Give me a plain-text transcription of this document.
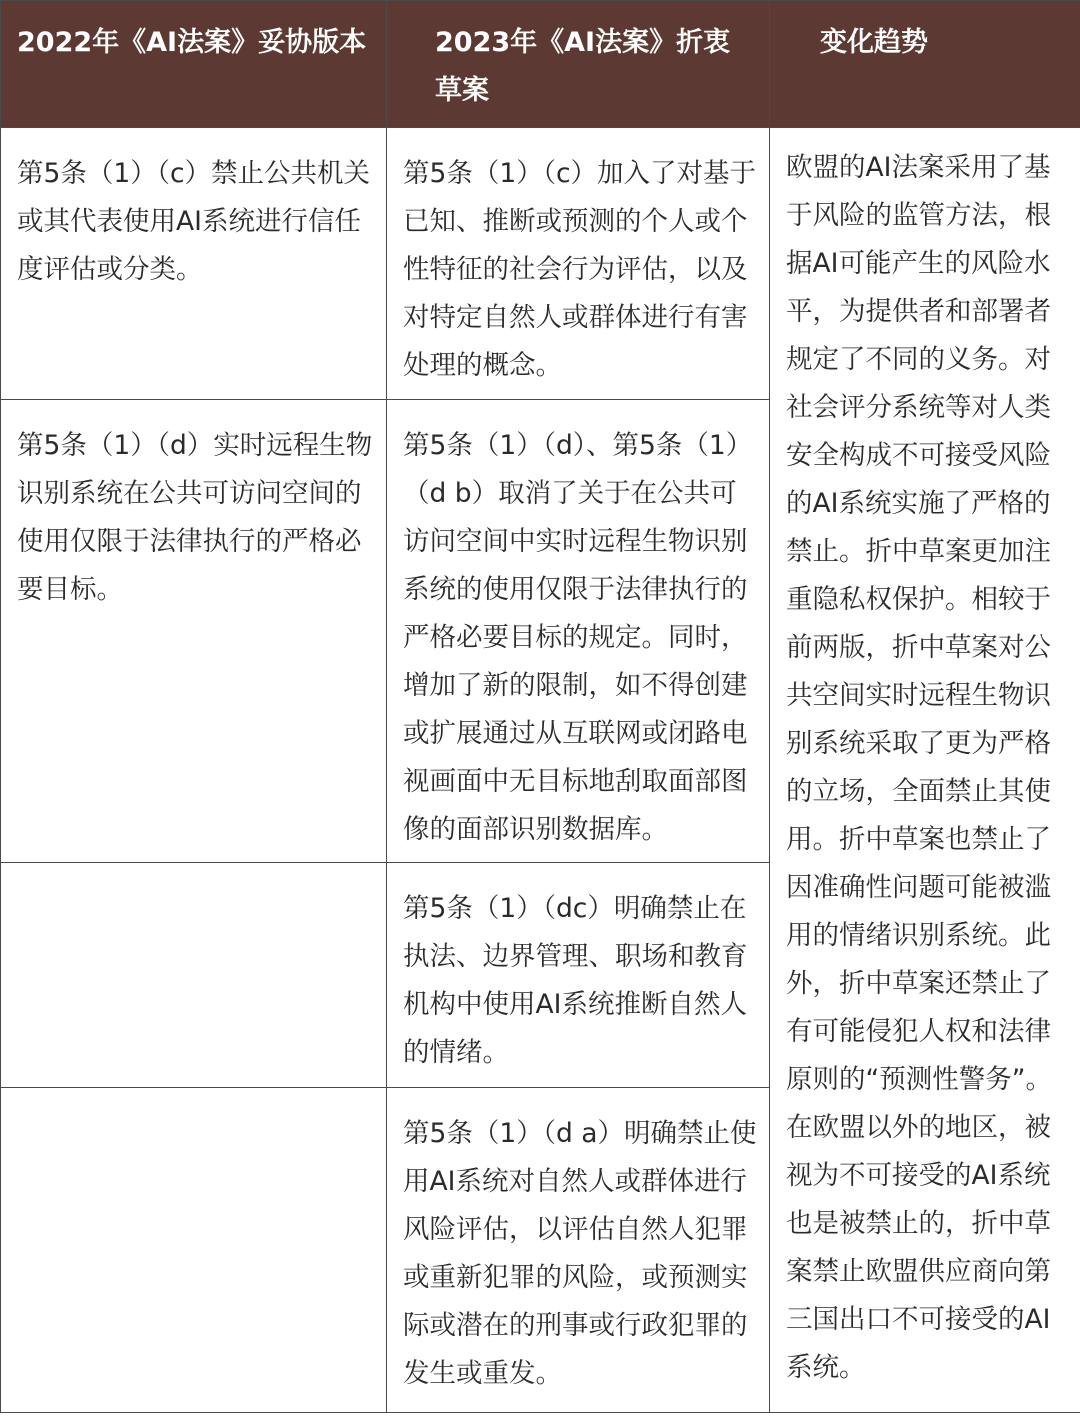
2022年《AI法案》妥协版本	2023年《AI法案》折衷草案	变化趋势
第5条（1）（c）禁止公共机关或其代表使用AI系统进行信任度评估或分类。	第5条（1）（c）加入了对基于已知、推断或预测的个人或个性特征的社会行为评估，以及对特定自然人或群体进行有害处理的概念。	欧盟的AI法案采用了基于风险的监管方法，根据AI可能产生的风险水平，为提供者和部署者规定了不同的义务。对社会评分系统等对人类安全构成不可接受风险的AI系统实施了严格的禁止。折中草案更加注重隐私权保护。相较于前两版，折中草案对公共空间实时远程生物识别系统采取了更为严格的立场，全面禁止其使用。折中草案也禁止了因准确性问题可能被滥用的情绪识别系统。此外，折中草案还禁止了有可能侵犯人权和法律原则的“预测性警务”。在欧盟以外的地区，被视为不可接受的AI系统也是被禁止的，折中草案禁止欧盟供应商向第三国出口不可接受的AI系统。
第5条（1）（d）实时远程生物识别系统在公共可访问空间的使用仅限于法律执行的严格必要目标。	第5条（1）（d）、第5条（1）（d b）取消了关于在公共可访问空间中实时远程生物识别系统的使用仅限于法律执行的严格必要目标的规定。同时，增加了新的限制，如不得创建或扩展通过从互联网或闭路电视画面中无目标地刮取面部图像的面部识别数据库。	
	第5条（1）（dc）明确禁止在执法、边界管理、职场和教育机构中使用AI系统推断自然人的情绪。	
	第5条（1）（d a）明确禁止使用AI系统对自然人或群体进行风险评估，以评估自然人犯罪或重新犯罪的风险，或预测实际或潜在的刑事或行政犯罪的发生或重发。	
